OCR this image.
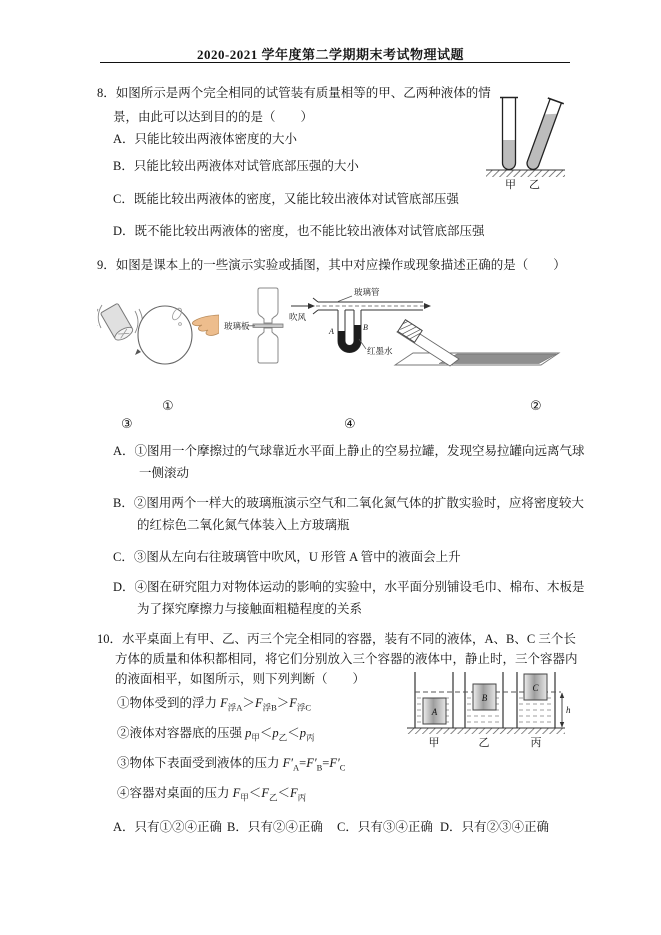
2020-2021 学年度第二学期期末考试物理试题
8．如图所示是两个完全相同的试管装有质量相等的甲、乙两种液体的情
景，由此可以达到目的的是（　　）
A．只能比较出两液体密度的大小
B．只能比较出两液体对试管底部压强的大小
C．既能比较出两液体的密度，又能比较出液体对试管底部压强
D．既不能比较出两液体的密度，也不能比较出液体对试管底部压强
甲 乙
9．如图是课本上的一些演示实验或插图，其中对应操作或现象描述正确的是（　　）
玻璃板
A	B
玻璃管
红墨水
吹风
①	②
③	④
A．①图用一个摩擦过的气球靠近水平面上静止的空易拉罐，发现空易拉罐向远离气球
一侧滚动
B．②图用两个一样大的玻璃瓶演示空气和二氧化氮气体的扩散实验时，应将密度较大
的红棕色二氧化氮气体装入上方玻璃瓶
C．③图从左向右往玻璃管中吹风，U 形管 A 管中的液面会上升
D．④图在研究阻力对物体运动的影响的实验中，水平面分别铺设毛巾、棉布、木板是
为了探究摩擦力与接触面粗糙程度的关系
10．水平桌面上有甲、乙、丙三个完全相同的容器，装有不同的液体，A、B、C 三个长
方体的质量和体积都相同，将它们分别放入三个容器的液体中，静止时，三个容器内
的液面相平，如图所示，则下列判断（　　）
①物体受到的浮力 $F_{浮A}>F_{浮B}>F_{浮C}$
②液体对容器底的压强 $p_甲<p_乙<p_丙$
③物体下表面受到液体的压力 $F'_A=F'_B=F'_C$
④容器对桌面的压力 $F_甲<F_乙<F_丙$
A
B
C
h
甲	乙	丙
A．只有①②④正确 B．只有②④正确 C．只有③④正确 D．只有②③④正确
